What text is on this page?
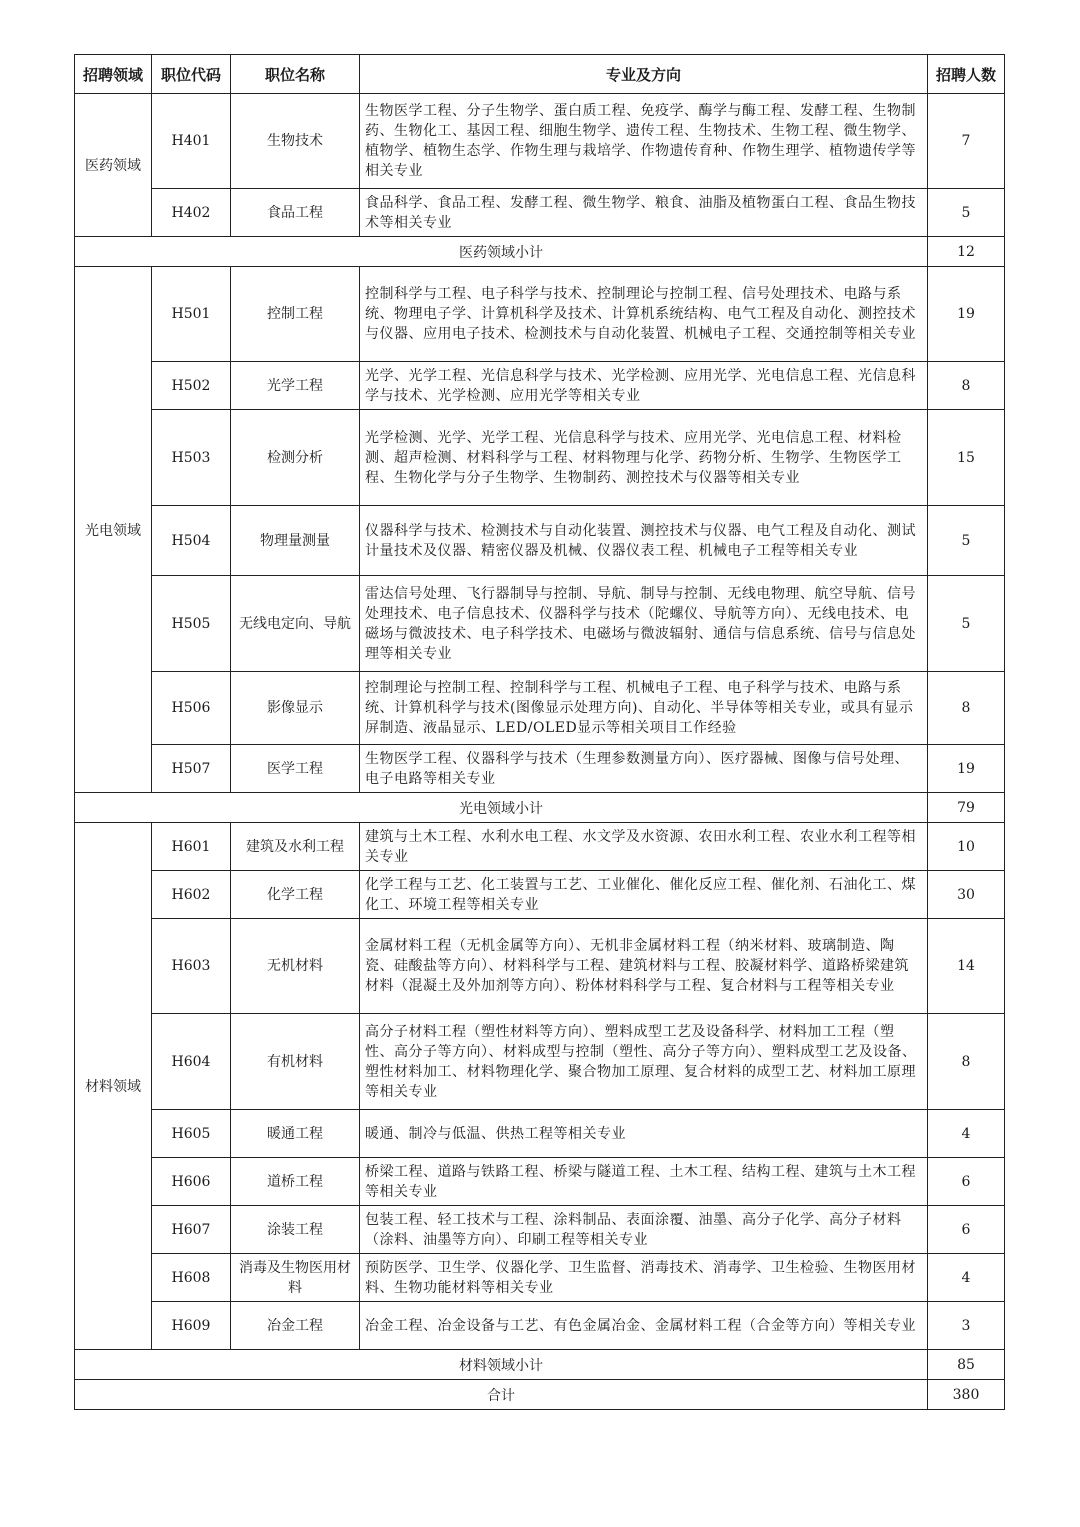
招聘领域	职位代码	职位名称	专业及方向	招聘人数
医药领域	H401	生物技术	生物医学工程、分子生物学、蛋白质工程、免疫学、酶学与酶工程、发酵工程、生物制药、生物化工、基因工程、细胞生物学、遗传工程、生物技术、生物工程、微生物学、植物学、植物生态学、作物生理与栽培学、作物遗传育种、作物生理学、植物遗传学等相关专业	7
	H402	食品工程	食品科学、食品工程、发酵工程、微生物学、粮食、油脂及植物蛋白工程、食品生物技术等相关专业	5
医药领域小计				12
光电领域	H501	控制工程	控制科学与工程、电子科学与技术、控制理论与控制工程、信号处理技术、电路与系统、物理电子学、计算机科学及技术、计算机系统结构、电气工程及自动化、测控技术与仪器、应用电子技术、检测技术与自动化装置、机械电子工程、交通控制等相关专业	19
	H502	光学工程	光学、光学工程、光信息科学与技术、光学检测、应用光学、光电信息工程、光信息科学与技术、光学检测、应用光学等相关专业	8
	H503	检测分析	光学检测、光学、光学工程、光信息科学与技术、应用光学、光电信息工程、材料检测、超声检测、材料科学与工程、材料物理与化学、药物分析、生物学、生物医学工程、生物化学与分子生物学、生物制药、测控技术与仪器等相关专业	15
	H504	物理量测量	仪器科学与技术、检测技术与自动化装置、测控技术与仪器、电气工程及自动化、测试计量技术及仪器、精密仪器及机械、仪器仪表工程、机械电子工程等相关专业	5
	H505	无线电定向、导航	雷达信号处理、飞行器制导与控制、导航、制导与控制、无线电物理、航空导航、信号处理技术、电子信息技术、仪器科学与技术（陀螺仪、导航等方向）、无线电技术、电磁场与微波技术、电子科学技术、电磁场与微波辐射、通信与信息系统、信号与信息处理等相关专业	5
	H506	影像显示	控制理论与控制工程、控制科学与工程、机械电子工程、电子科学与技术、电路与系统、计算机科学与技术(图像显示处理方向)、自动化、半导体等相关专业，或具有显示屏制造、液晶显示、LED/OLED显示等相关项目工作经验	8
	H507	医学工程	生物医学工程、仪器科学与技术（生理参数测量方向）、医疗器械、图像与信号处理、电子电路等相关专业	19
光电领域小计				79
材料领域	H601	建筑及水利工程	建筑与土木工程、水利水电工程、水文学及水资源、农田水利工程、农业水利工程等相关专业	10
	H602	化学工程	化学工程与工艺、化工装置与工艺、工业催化、催化反应工程、催化剂、石油化工、煤化工、环境工程等相关专业	30
	H603	无机材料	金属材料工程（无机金属等方向）、无机非金属材料工程（纳米材料、玻璃制造、陶瓷、硅酸盐等方向）、材料科学与工程、建筑材料与工程、胶凝材料学、道路桥梁建筑材料（混凝土及外加剂等方向）、粉体材料科学与工程、复合材料与工程等相关专业	14
	H604	有机材料	高分子材料工程（塑性材料等方向）、塑料成型工艺及设备科学、材料加工工程（塑性、高分子等方向）、材料成型与控制（塑性、高分子等方向）、塑料成型工艺及设备、塑性材料加工、材料物理化学、聚合物加工原理、复合材料的成型工艺、材料加工原理等相关专业	8
	H605	暖通工程	暖通、制冷与低温、供热工程等相关专业	4
	H606	道桥工程	桥梁工程、道路与铁路工程、桥梁与隧道工程、土木工程、结构工程、建筑与土木工程等相关专业	6
	H607	涂装工程	包装工程、轻工技术与工程、涂料制品、表面涂覆、油墨、高分子化学、高分子材料（涂料、油墨等方向）、印刷工程等相关专业	6
	H608	消毒及生物医用材料	预防医学、卫生学、仪器化学、卫生监督、消毒技术、消毒学、卫生检验、生物医用材料、生物功能材料等相关专业	4
	H609	冶金工程	冶金工程、冶金设备与工艺、有色金属冶金、金属材料工程（合金等方向）等相关专业	3
材料领域小计				85
合计				380
